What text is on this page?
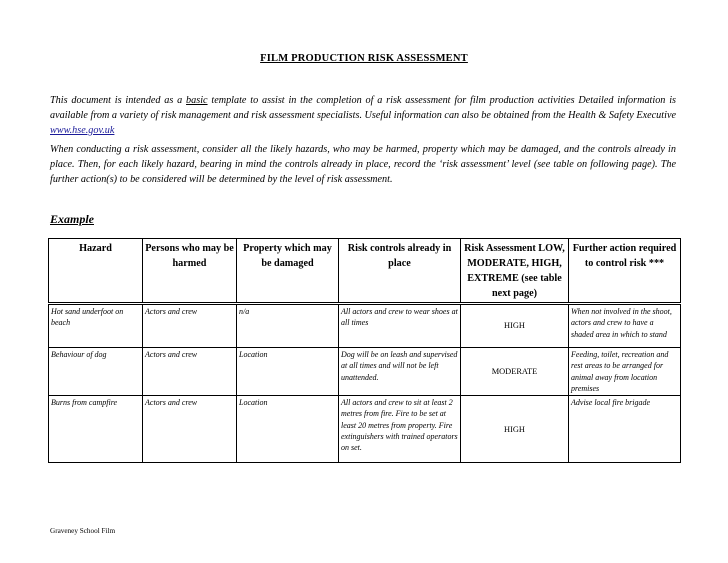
FILM PRODUCTION RISK ASSESSMENT
This document is intended as a basic template to assist in the completion of a risk assessment for film production activities Detailed information is available from a variety of risk management and risk assessment specialists. Useful information can also be obtained from the Health & Safety Executive www.hse.gov.uk
When conducting a risk assessment, consider all the likely hazards, who may be harmed, property which may be damaged, and the controls already in place. Then, for each likely hazard, bearing in mind the controls already in place, record the ‘risk assessment’ level (see table on following page). The further action(s) to be considered will be determined by the level of risk assessment.
Example
Hazard	Persons who may be harmed	Property which may be damaged	Risk controls already in place	Risk Assessment LOW, MODERATE, HIGH, EXTREME (see table next page)	Further action required to control risk ***
Hot sand underfoot on beach	Actors and crew	n/a	All actors and crew to wear shoes at all times	HIGH	When not involved in the shoot, actors and crew to have a shaded area in which to stand
Behaviour of dog	Actors and crew	Location	Dog will be on leash and supervised at all times and will not be left unattended.	MODERATE	Feeding, toilet, recreation and rest areas to be arranged for animal away from location premises
Burns from campfire	Actors and crew	Location	All actors and crew to sit at least 2 metres from fire. Fire to be set at least 20 metres from property. Fire extinguishers with trained operators on set.	HIGH	Advise local fire brigade
Graveney School Film
